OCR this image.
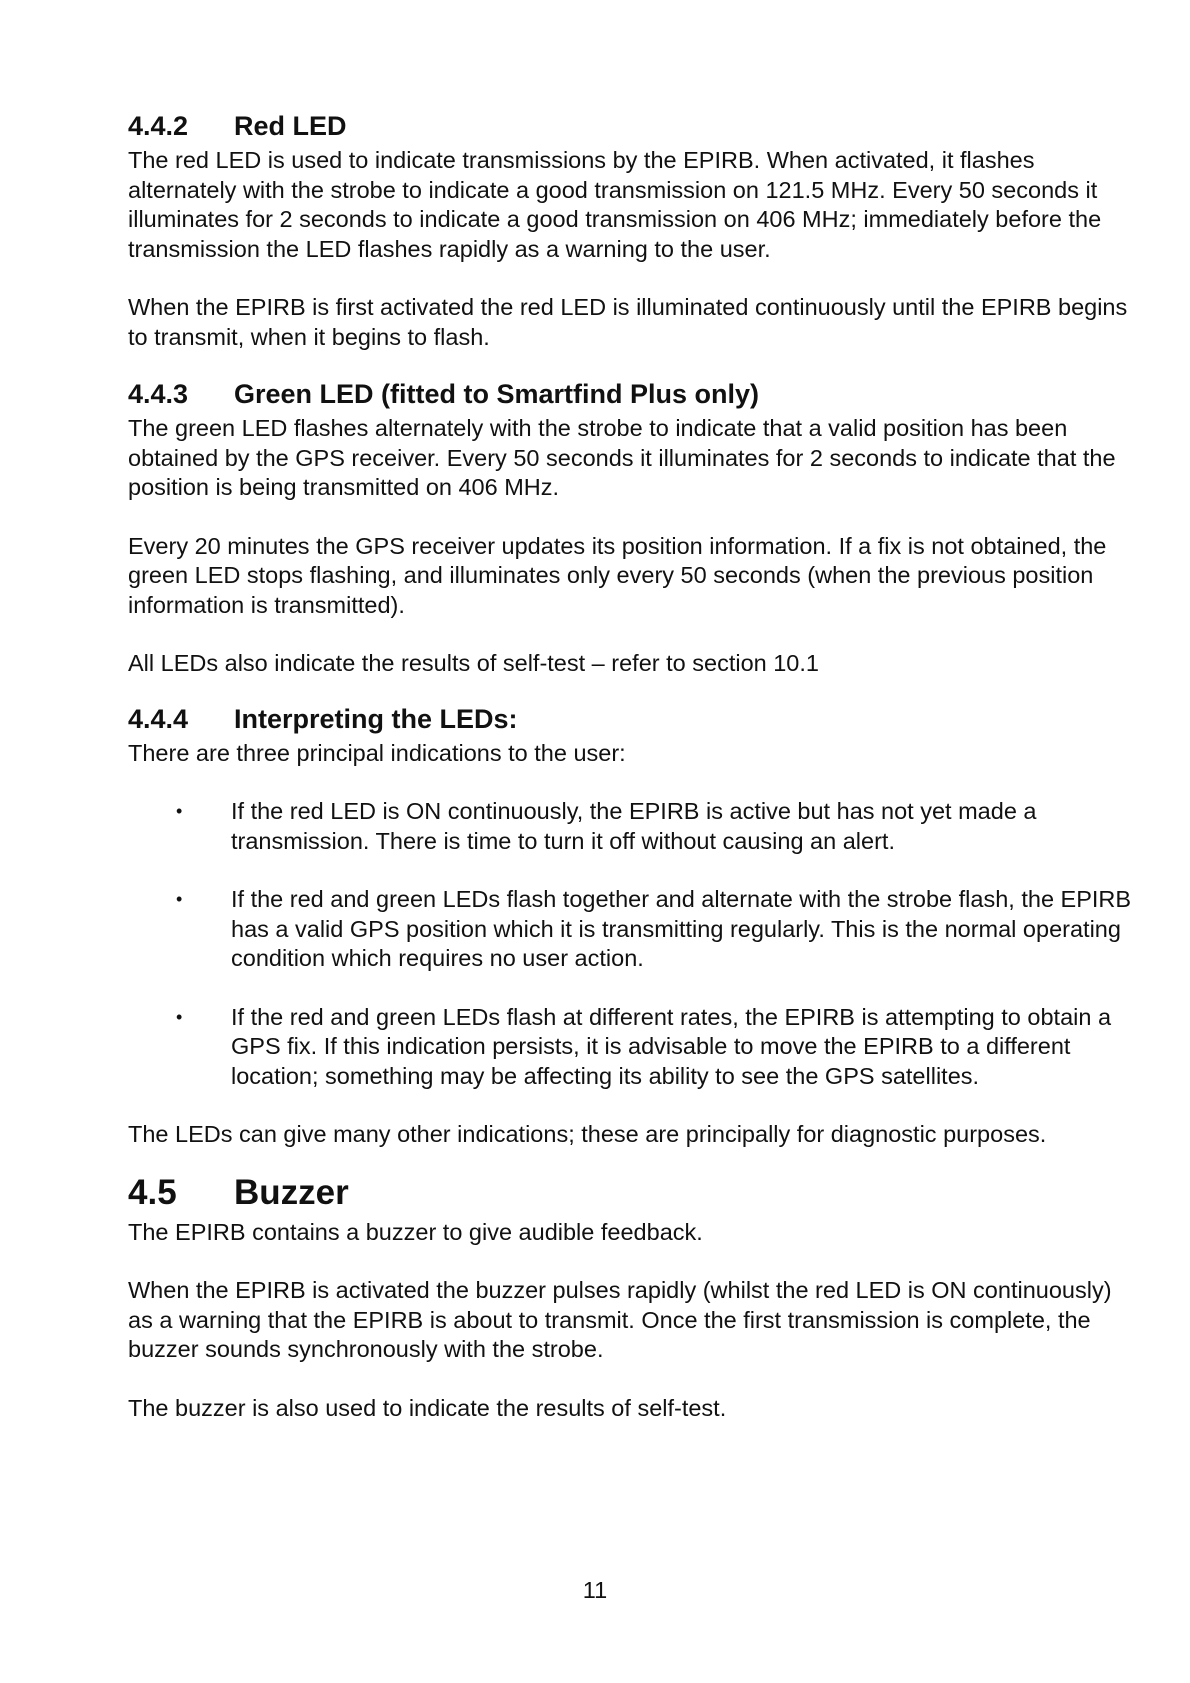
4.4.2 Red LED

The red LED is used to indicate transmissions by the EPIRB. When activated, it flashes alternately with the strobe to indicate a good transmission on 121.5 MHz. Every 50 seconds it illuminates for 2 seconds to indicate a good transmission on 406 MHz; immediately before the transmission the LED flashes rapidly as a warning to the user.

When the EPIRB is first activated the red LED is illuminated continuously until the EPIRB begins to transmit, when it begins to flash.

4.4.3 Green LED (fitted to Smartfind Plus only)

The green LED flashes alternately with the strobe to indicate that a valid position has been obtained by the GPS receiver. Every 50 seconds it illuminates for 2 seconds to indicate that the position is being transmitted on 406 MHz.

Every 20 minutes the GPS receiver updates its position information. If a fix is not obtained, the green LED stops flashing, and illuminates only every 50 seconds (when the previous position information is transmitted).

All LEDs also indicate the results of self-test – refer to section 10.1

4.4.4 Interpreting the LEDs:

There are three principal indications to the user:

• If the red LED is ON continuously, the EPIRB is active but has not yet made a transmission. There is time to turn it off without causing an alert.
• If the red and green LEDs flash together and alternate with the strobe flash, the EPIRB has a valid GPS position which it is transmitting regularly. This is the normal operating condition which requires no user action.
• If the red and green LEDs flash at different rates, the EPIRB is attempting to obtain a GPS fix. If this indication persists, it is advisable to move the EPIRB to a different location; something may be affecting its ability to see the GPS satellites.

The LEDs can give many other indications; these are principally for diagnostic purposes.

4.5 Buzzer

The EPIRB contains a buzzer to give audible feedback.

When the EPIRB is activated the buzzer pulses rapidly (whilst the red LED is ON continuously) as a warning that the EPIRB is about to transmit. Once the first transmission is complete, the buzzer sounds synchronously with the strobe.

The buzzer is also used to indicate the results of self-test.

11
